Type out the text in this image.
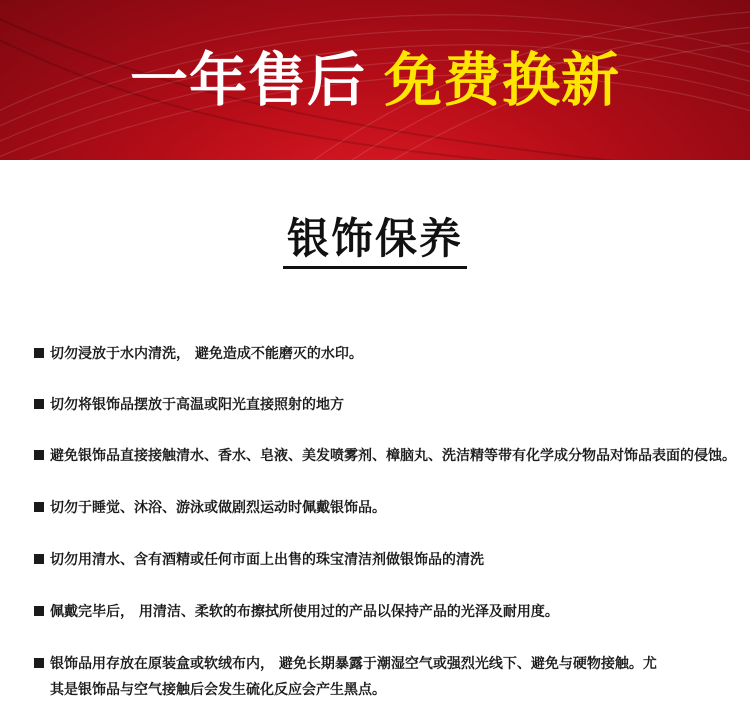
一年售后 免费换新
银饰保养
切勿浸放于水内清洗， 避免造成不能磨灭的水印。
切勿将银饰品摆放于高温或阳光直接照射的地方
避免银饰品直接接触清水、香水、皂液、美发喷雾剂、樟脑丸、洗洁精等带有化学成分物品对饰品表面的侵蚀。
切勿于睡觉、沐浴、游泳或做剧烈运动时佩戴银饰品。
切勿用清水、含有酒精或任何市面上出售的珠宝清洁剂做银饰品的清洗
佩戴完毕后， 用清洁、柔软的布擦拭所使用过的产品以保持产品的光泽及耐用度。
银饰品用存放在原装盒或软绒布内， 避免长期暴露于潮湿空气或强烈光线下、避免与硬物接触。尤
其是银饰品与空气接触后会发生硫化反应会产生黑点。
